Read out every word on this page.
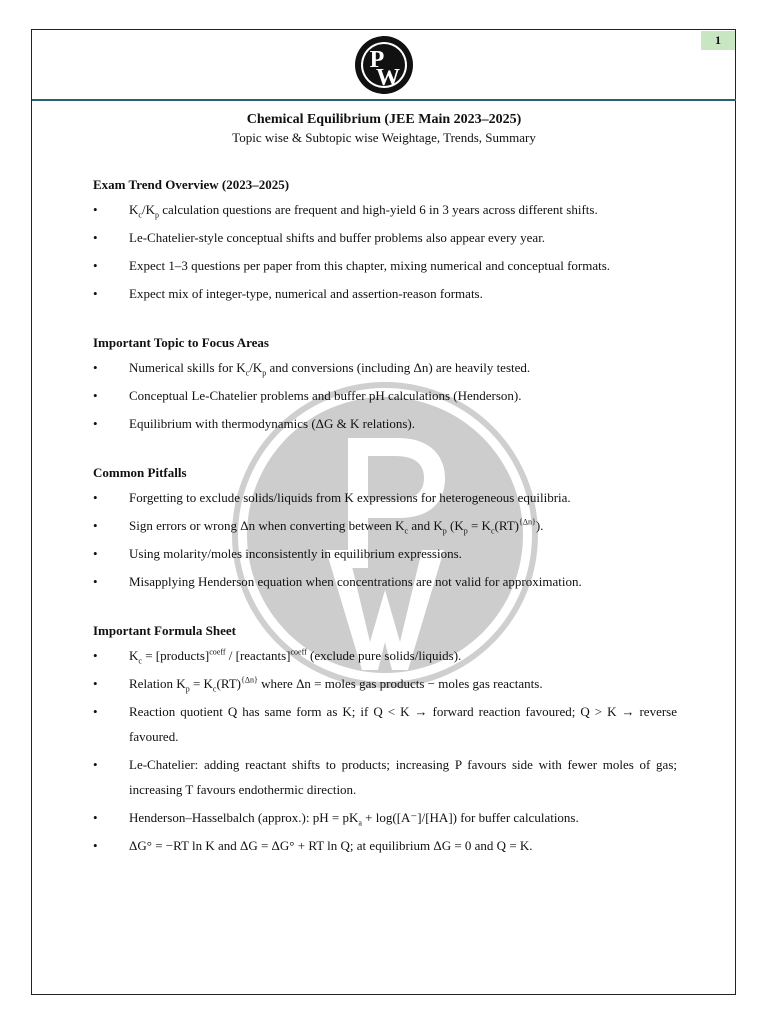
1
P
W
Chemical Equilibrium (JEE Main 2023–2025)
Topic wise & Subtopic wise Weightage, Trends, Summary
Exam Trend Overview (2023–2025)
• $K_c/K_p$ calculation questions are frequent and high-yield 6 in 3 years across different shifts.
• Le-Chatelier-style conceptual shifts and buffer problems also appear every year.
• Expect 1–3 questions per paper from this chapter, mixing numerical and conceptual formats.
• Expect mix of integer-type, numerical and assertion-reason formats.
Important Topic to Focus Areas
• Numerical skills for $K_c/K_p$ and conversions (including Δn) are heavily tested.
• Conceptual Le-Chatelier problems and buffer pH calculations (Henderson).
• Equilibrium with thermodynamics (ΔG & K relations).
Common Pitfalls
• Forgetting to exclude solids/liquids from K expressions for heterogeneous equilibria.
• Sign errors or wrong Δn when converting between $K_c$ and $K_p$ $(K_p = K_c(RT)^{\{\Delta n\}})$.
• Using molarity/moles inconsistently in equilibrium expressions.
• Misapplying Henderson equation when concentrations are not valid for approximation.
Important Formula Sheet
• $K_c$ = [products]$^{coeff}$ / [reactants]$^{coeff}$ (exclude pure solids/liquids).
• Relation $K_p = K_c(RT)^{\{\Delta n\}}$ where Δn = moles gas products − moles gas reactants.
• Reaction quotient Q has same form as K; if Q < K → forward reaction favoured; Q > K → reverse favoured.
• Le-Chatelier: adding reactant shifts to products; increasing P favours side with fewer moles of gas; increasing T favours endothermic direction.
• Henderson–Hasselbalch (approx.): pH = $pK_a + \log([A^-]/[HA])$ for buffer calculations.
• ΔG° = −RT ln K and ΔG = ΔG° + RT ln Q; at equilibrium ΔG = 0 and Q = K.
